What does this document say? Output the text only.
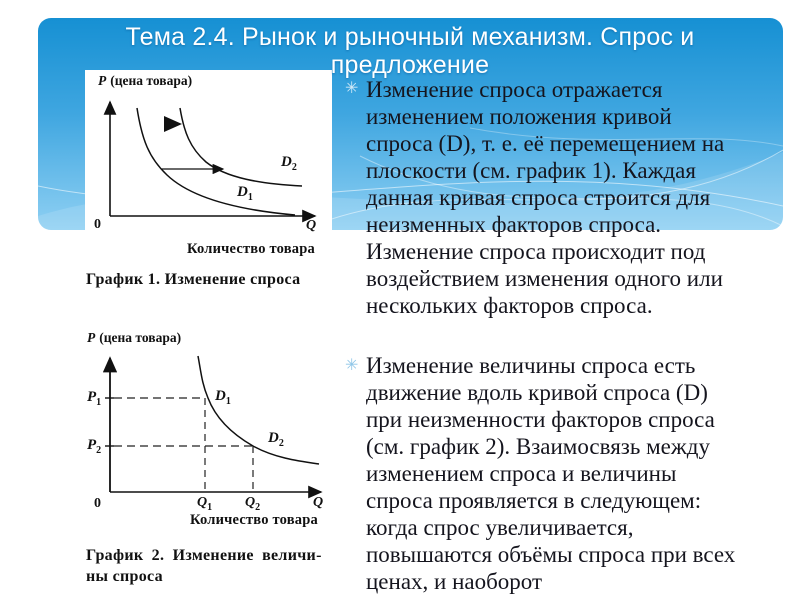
Тема 2.4. Рынок и рыночный механизм. Спрос и
предложение
P (цена товара)
$D_2$
$D_1$
0	Q
Количество товара
График 1. Изменение спроса
P (цена товара)
$P_1$
$P_2$
$D_1$
$D_2$
0	$Q_1$ $Q_2$	Q
Количество товара
График 2. Изменение величи-
ны спроса
✳ Изменение спроса отражается
изменением положения кривой
спроса (D), т. е. её перемещением на
плоскости (см. график 1). Каждая
данная кривая спроса строится для
неизменных факторов спроса.
Изменение спроса происходит под
воздействием изменения одного или
нескольких факторов спроса.
✳ Изменение величины спроса есть
движение вдоль кривой спроса (D)
при неизменности факторов спроса
(см. график 2). Взаимосвязь между
изменением спроса и величины
спроса проявляется в следующем:
когда спрос увеличивается,
повышаются объёмы спроса при всех
ценах, и наоборот
